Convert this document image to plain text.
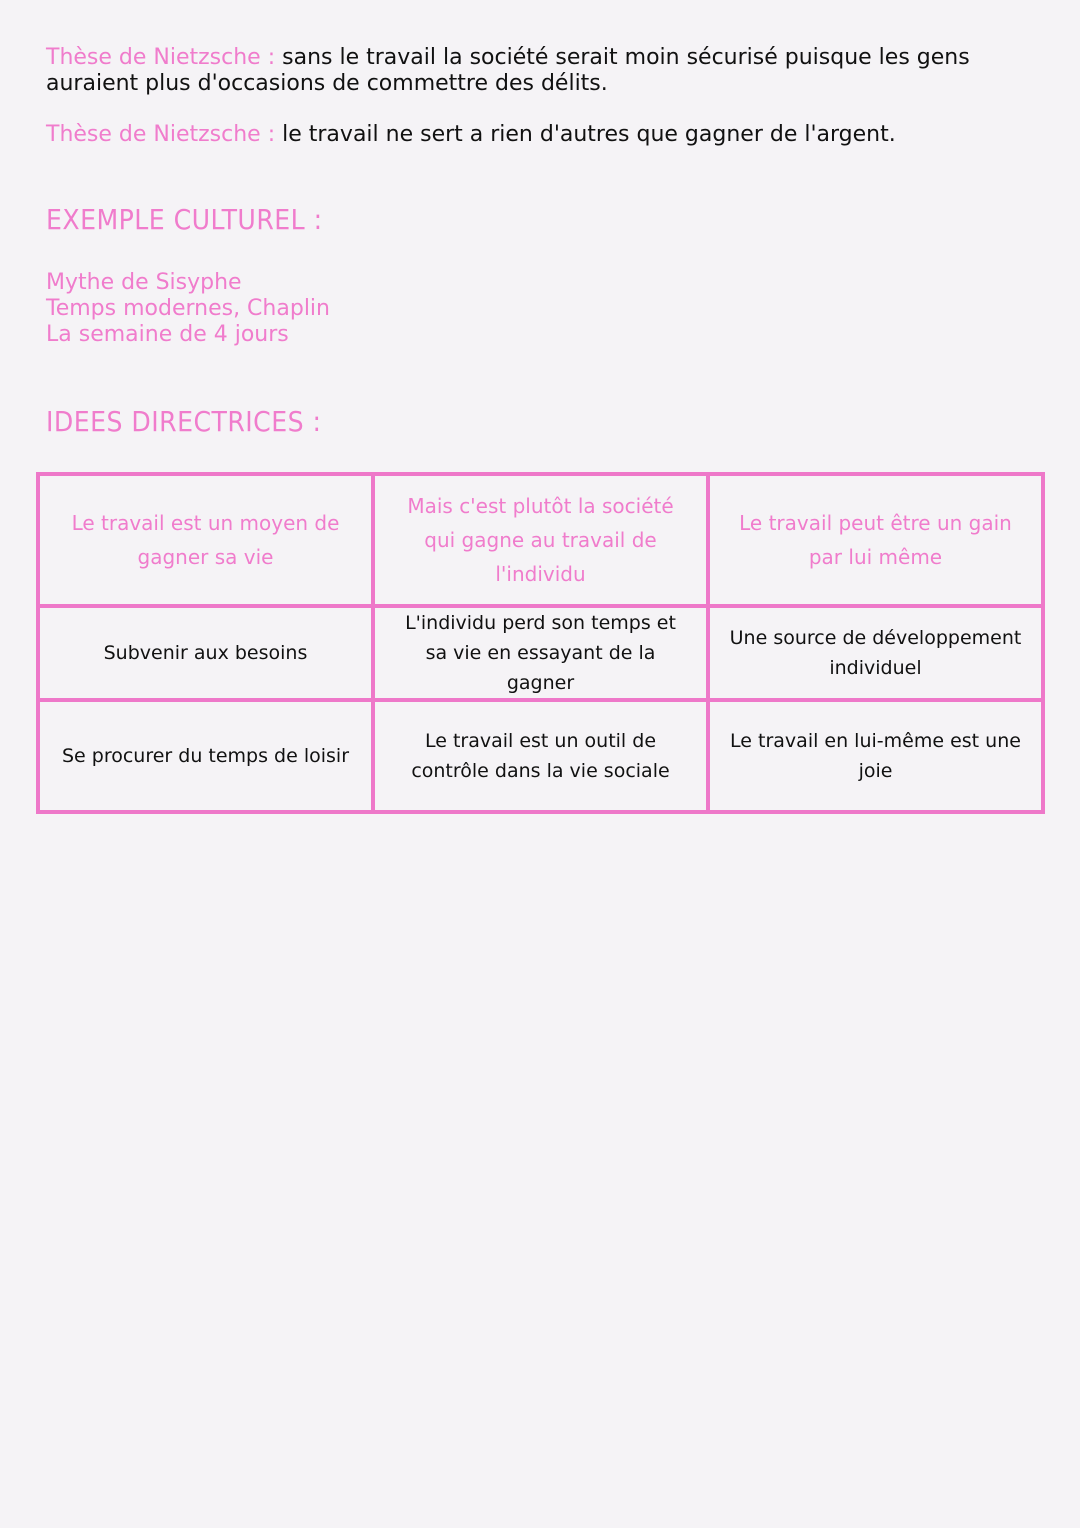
Thèse de Nietzsche : sans le travail la société serait moin sécurisé puisque les gens auraient plus d'occasions de commettre des délits.

Thèse de Nietzsche : le travail ne sert a rien d'autres que gagner de l'argent.

EXEMPLE CULTUREL :
Mythe de Sisyphe
Temps modernes, Chaplin
La semaine de 4 jours
IDEES DIRECTRICES :
Le travail est un moyen de gagner sa vie	Mais c'est plutôt la société qui gagne au travail de l'individu	Le travail peut être un gain par lui même
Subvenir aux besoins	L'individu perd son temps et sa vie en essayant de la gagner	Une source de développement individuel
Se procurer du temps de loisir	Le travail est un outil de contrôle dans la vie sociale	Le travail en lui-même est une joie
